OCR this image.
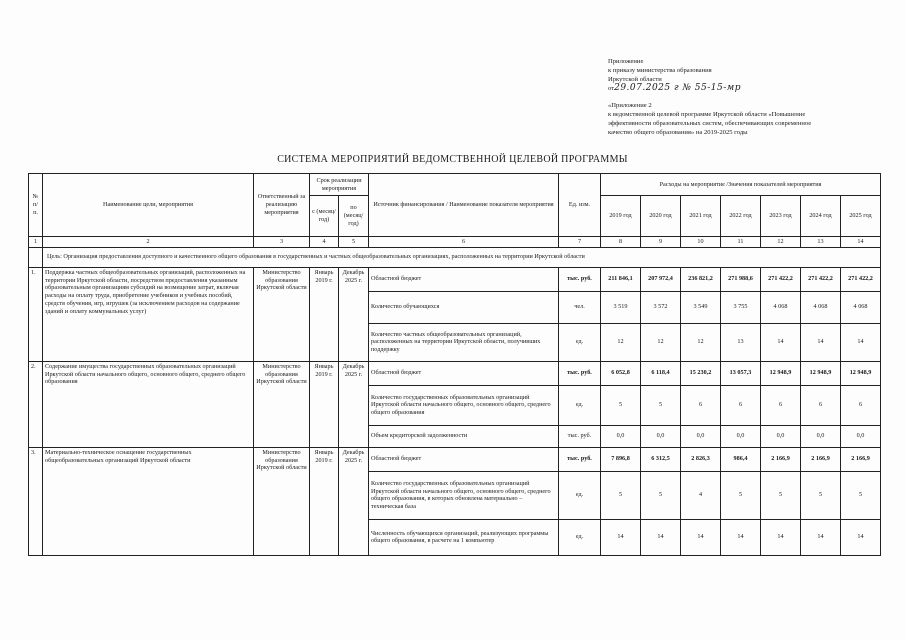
Приложение
к приказу министерства образования
Иркутской области
от29.07.2025 г № 55-15-мр
«Приложение 2
к ведомственной целевой программе Иркутской области «Повышение
эффективности образовательных систем, обеспечивающих современное
качество общего образования» на 2019-2025 годы
СИСТЕМА МЕРОПРИЯТИЙ ВЕДОМСТВЕННОЙ ЦЕЛЕВОЙ ПРОГРАММЫ
№ п/п.	Наименование цели, мероприятия	Ответственный за реализацию мероприятия	Срок реализации мероприятия		Источник финансирования / Наименование показателя мероприятия	Ед. изм.	Расходы на мероприятие /Значения показателей мероприятия						
			с (месяц/ год)	по (месяц/ год)			2019 год	2020 год	2021 год	2022 год	2023 год	2024 год	2025 год
1	2	3	4	5	6	7	8	9	10	11	12	13	14
	Цель: Организация предоставления доступного и качественного общего образования в государственных и частных общеобразовательных организациях, расположенных на территории Иркутской области												
1.	Поддержка частных общеобразовательных организаций, расположенных на территории Иркутской области, посредством предоставления указанным образовательным организациям субсидий на возмещение затрат, включая расходы на оплату труда, приобретение учебников и учебных пособий, средств обучения, игр, игрушек (за исключением расходов на содержание зданий и оплату коммунальных услуг)	Министерство образования Иркутской области	Январь 2019 г.	Декабрь 2025 г.	Областной бюджет	тыс. руб.	211 846,1	207 972,4	236 821,2	271 988,6	271 422,2	271 422,2	271 422,2
					Количество обучающихся	чел.	3 519	3 572	3 549	3 755	4 068	4 068	4 068
					Количество частных общеобразовательных организаций, расположенных на территории Иркутской области, получивших поддержку	ед.	12	12	12	13	14	14	14
2.	Содержание имущества государственных образовательных организаций Иркутской области начального общего, основного общего, среднего общего образования	Министерство образования Иркутской области	Январь 2019 г.	Декабрь 2025 г.	Областной бюджет	тыс. руб.	6 052,8	6 118,4	15 230,2	13 057,3	12 948,9	12 948,9	12 948,9
					Количество государственных образовательных организаций Иркутской области начального общего, основного общего, среднего общего образования	ед.	5	5	6	6	6	6	6
					Объем кредиторской задолженности	тыс. руб.	0,0	0,0	0,0	0,0	0,0	0,0	0,0
3.	Материально-техническое оснащение государственных общеобразовательных организаций Иркутской области	Министерство образования Иркутской области	Январь 2019 г.	Декабрь 2025 г.	Областной бюджет	тыс. руб.	7 896,8	6 312,5	2 826,3	986,4	2 166,9	2 166,9	2 166,9
					Количество государственных образовательных организаций Иркутской области начального общего, основного общего, среднего общего образования, в которых обновлена материально – техническая база	ед.	5	5	4	5	5	5	5
					Численность обучающихся организаций, реализующих программы общего образования, в расчете на 1 компьютер	ед.	14	14	14	14	14	14	14
